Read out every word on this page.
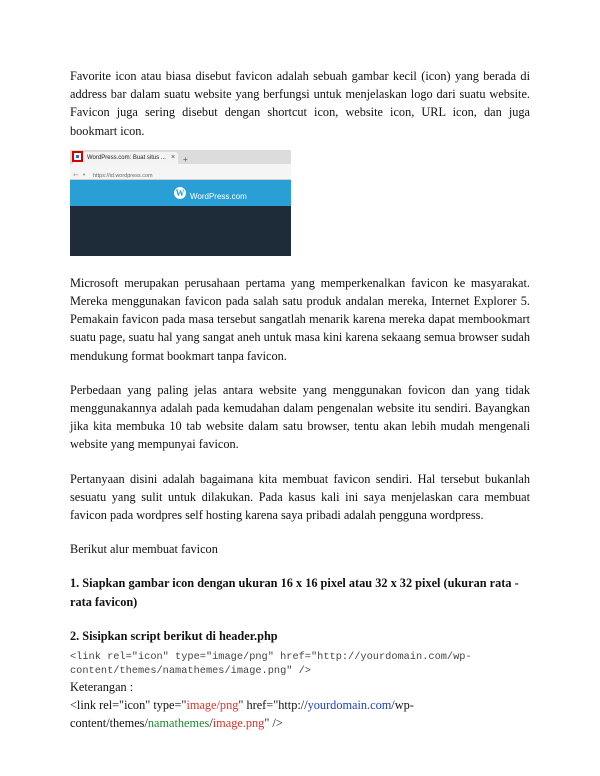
Favorite icon atau biasa disebut favicon adalah sebuah gambar kecil (icon) yang berada di address bar dalam suatu website yang berfungsi untuk menjelaskan logo dari suatu website. Favicon juga sering disebut dengan shortcut icon, website icon, URL icon, dan juga bookmart icon.

WordPress.com: Buat situs ... × +
← • https://id.wordpress.com
W WordPress.com

Microsoft merupakan perusahaan pertama yang memperkenalkan favicon ke masyarakat. Mereka menggunakan favicon pada salah satu produk andalan mereka, Internet Explorer 5. Pemakain favicon pada masa tersebut sangatlah menarik karena mereka dapat membookmart suatu page, suatu hal yang sangat aneh untuk masa kini karena sekaang semua browser sudah mendukung format bookmart tanpa favicon.

Perbedaan yang paling jelas antara website yang menggunakan fovicon dan yang tidak menggunakannya adalah pada kemudahan dalam pengenalan website itu sendiri. Bayangkan jika kita membuka 10 tab website dalam satu browser, tentu akan lebih mudah mengenali website yang mempunyai favicon.

Pertanyaan disini adalah bagaimana kita membuat favicon sendiri. Hal tersebut bukanlah sesuatu yang sulit untuk dilakukan. Pada kasus kali ini saya menjelaskan cara membuat favicon pada wordpres self hosting karena saya pribadi adalah pengguna wordpress.

Berikut alur membuat favicon

1. Siapkan gambar icon dengan ukuran 16 x 16 pixel atau 32 x 32 pixel (ukuran rata - rata favicon)
2. Sisipkan script berikut di header.php
<link rel="icon" type="image/png" href="http://yourdomain.com/wp-
content/themes/namathemes/image.png" />

Keterangan :

<link rel="icon" type="image/png" href="http://yourdomain.com/wp-

content/themes/namathemes/image.png" />
